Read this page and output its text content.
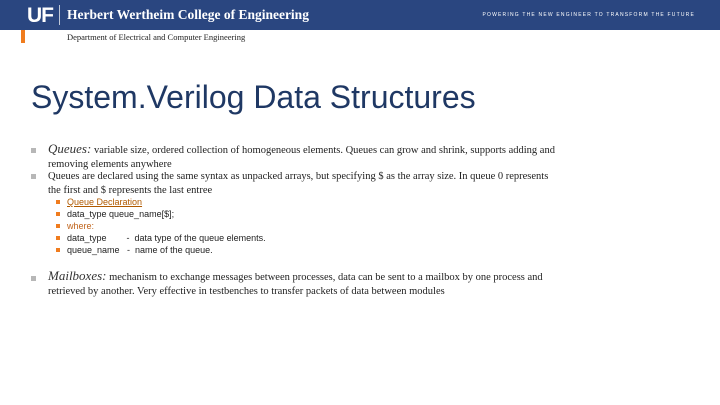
UF Herbert Wertheim College of Engineering	POWERING THE NEW ENGINEER TO TRANSFORM THE FUTURE
Department of Electrical and Computer Engineering
System.Verilog Data Structures
Queues: variable size, ordered collection of homogeneous elements. Queues can grow and shrink, supports adding and
removing elements anywhere
Queues are declared using the same syntax as unpacked arrays, but specifying $ as the array size. In queue 0 represents
the first and $ represents the last entree
Queue Declaration
data_type queue_name[$];
where:
data_type        -  data type of the queue elements.
queue_name   -  name of the queue.
Mailboxes: mechanism to exchange messages between processes, data can be sent to a mailbox by one process and
retrieved by another. Very effective in testbenches to transfer packets of data between modules
